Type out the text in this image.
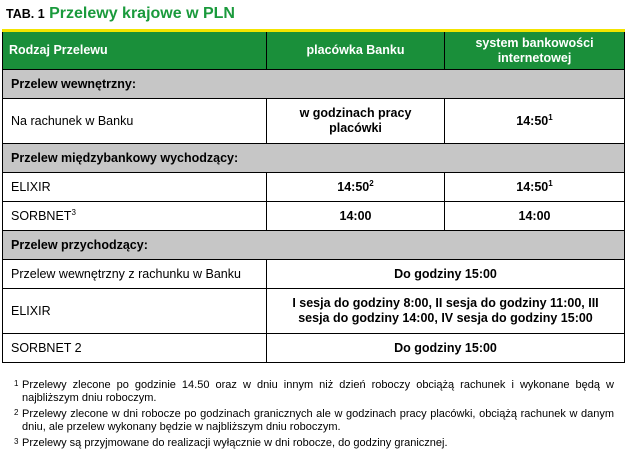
TAB. 1 Przelewy krajowe w PLN
Rodzaj Przelewu	placówka Banku	system bankowości internetowej
Przelew wewnętrzny:		
Na rachunek w Banku	w godzinach pracy placówki	$14:50^1$
Przelew międzybankowy wychodzący:		
ELIXIR	$14:50^2$	$14:50^1$
SORBNET$^3$	14:00	14:00
Przelew przychodzący:		
Przelew wewnętrzny z rachunku w Banku	Do godziny 15:00	
ELIXIR	I sesja do godziny 8:00, II sesja do godziny 11:00, III sesja do godziny 14:00, IV sesja do godziny 15:00	
SORBNET 2	Do godziny 15:00	
1 Przelewy zlecone po godzinie 14.50 oraz w dniu innym niż dzień roboczy obciążą rachunek i wykonane będą w najbliższym dniu roboczym.
2 Przelewy zlecone w dni robocze po godzinach granicznych ale w godzinach pracy placówki, obciążą rachunek w danym dniu, ale przelew wykonany będzie w najbliższym dniu roboczym.
3 Przelewy są przyjmowane do realizacji wyłącznie w dni robocze, do godziny granicznej.
